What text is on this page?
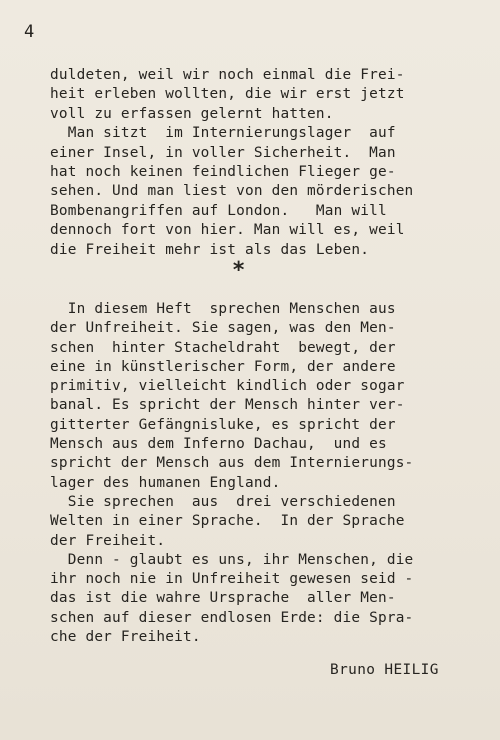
4
duldeten, weil wir noch einmal die Frei-
heit erleben wollten, die wir erst jetzt
voll zu erfassen gelernt hatten.
Man sitzt  im Internierungslager  auf
einer Insel, in voller Sicherheit.  Man
hat noch keinen feindlichen Flieger ge-
sehen. Und man liest von den mörderischen
Bombenangriffen auf London.   Man will
dennoch fort von hier. Man will es, weil
die Freiheit mehr ist als das Leben.
*
In diesem Heft  sprechen Menschen aus
der Unfreiheit. Sie sagen, was den Men-
schen  hinter Stacheldraht  bewegt, der
eine in künstlerischer Form, der andere
primitiv, vielleicht kindlich oder sogar
banal. Es spricht der Mensch hinter ver-
gitterter Gefängnisluke, es spricht der
Mensch aus dem Inferno Dachau,  und es
spricht der Mensch aus dem Internierungs-
lager des humanen England.
Sie sprechen  aus  drei verschiedenen
Welten in einer Sprache.  In der Sprache
der Freiheit.
Denn - glaubt es uns, ihr Menschen, die
ihr noch nie in Unfreiheit gewesen seid -
das ist die wahre Ursprache  aller Men-
schen auf dieser endlosen Erde: die Spra-
che der Freiheit.
Bruno HEILIG
